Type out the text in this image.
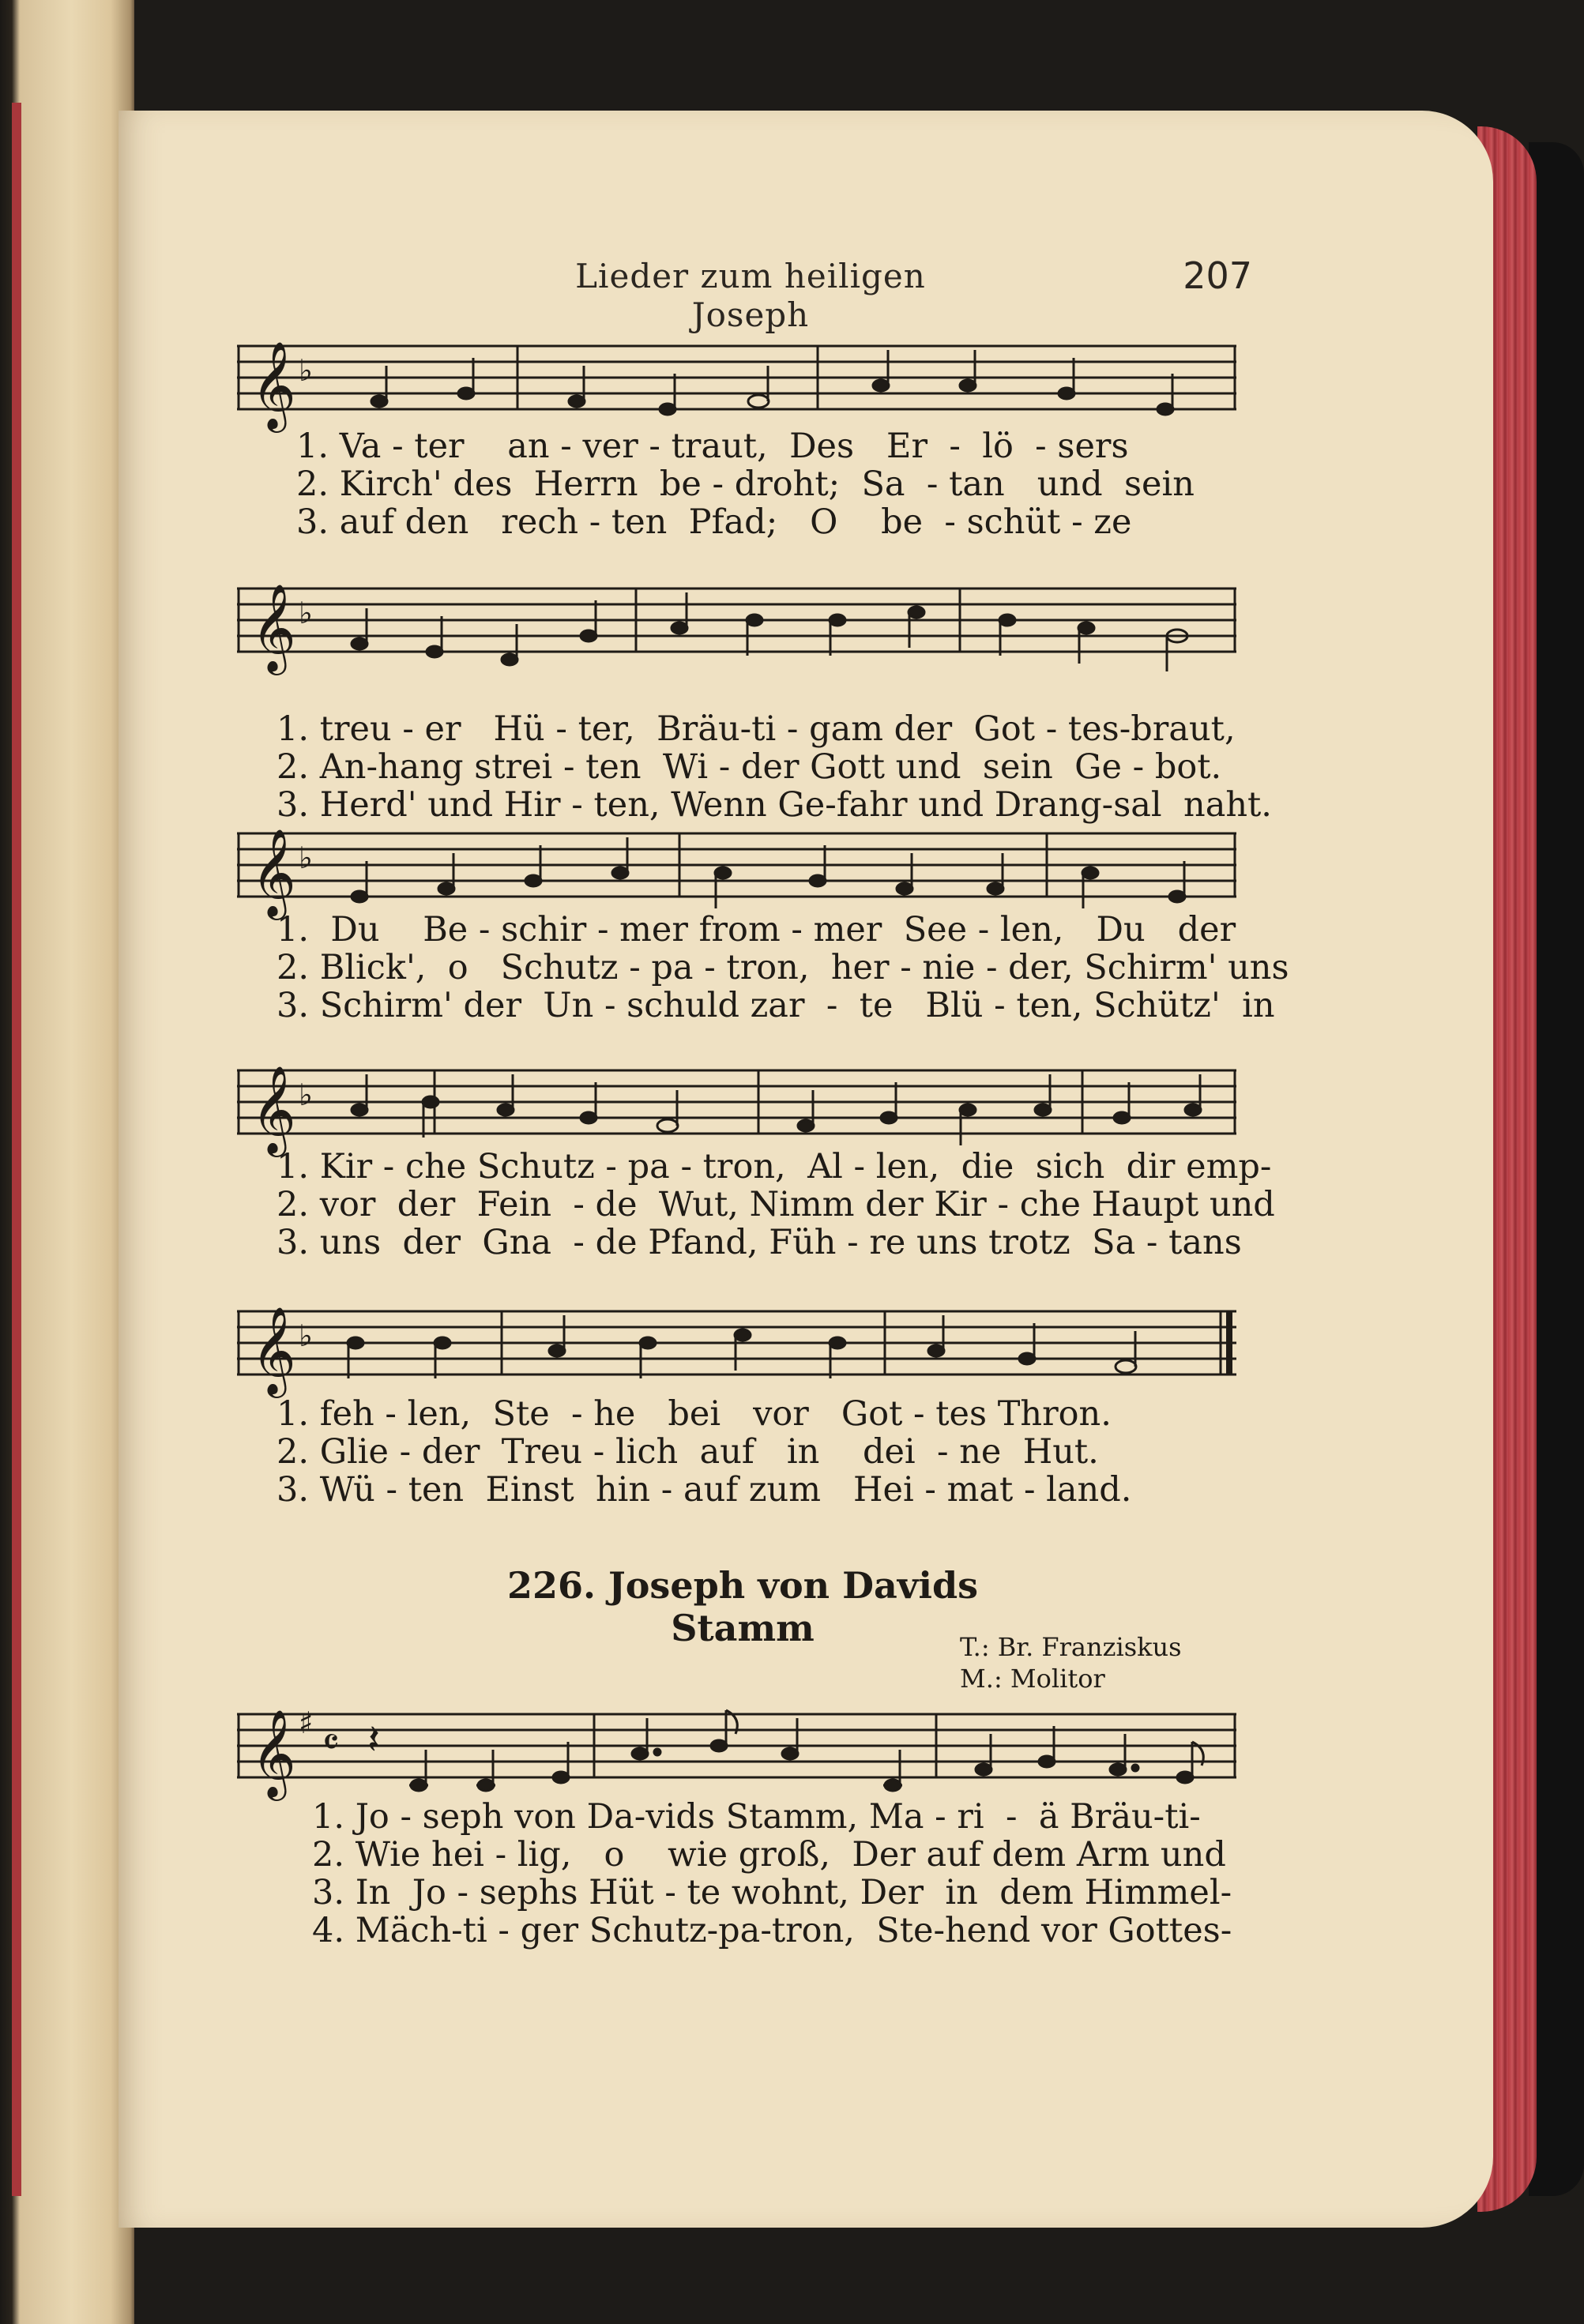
Lieder zum heiligen Joseph
207
𝄞 ♭
1. Va - ter    an - ver - traut,  Des   Er  -  lö  - sers
2. Kirch' des  Herrn  be - droht;  Sa  - tan   und  sein
3. auf den   rech - ten  Pfad;   O    be  - schüt - ze
𝄞 ♭
1. treu - er   Hü - ter,  Bräu-ti - gam der  Got - tes-braut,
2. An-hang strei - ten  Wi - der Gott und  sein  Ge - bot.
3. Herd' und Hir - ten, Wenn Ge-fahr und Drang-sal  naht.
𝄞 ♭
1.  Du    Be - schir - mer from - mer  See - len,   Du   der
2. Blick',  o   Schutz - pa - tron,  her - nie - der, Schirm' uns
3. Schirm' der  Un - schuld zar  -  te   Blü - ten, Schütz'  in
𝄞 ♭
1. Kir - che Schutz - pa - tron,  Al - len,  die  sich  dir emp-
2. vor  der  Fein  - de  Wut, Nimm der Kir - che Haupt und
3. uns  der  Gna  - de Pfand, Füh - re uns trotz  Sa - tans
𝄞 ♭
1. feh - len,  Ste  - he   bei   vor   Got - tes Thron.
2. Glie - der  Treu - lich  auf   in    dei  - ne  Hut.
3. Wü - ten  Einst  hin - auf zum   Hei - mat - land.
226. Joseph von Davids Stamm	T.: Br. Franziskus
M.: Molitor
𝄞 ♯ 𝄴 𝄽
1. Jo - seph von Da-vids Stamm, Ma - ri  -  ä Bräu-ti-
2. Wie hei - lig,   o    wie groß,  Der auf dem Arm und
3. In  Jo - sephs Hüt - te wohnt, Der  in  dem Himmel-
4. Mäch-ti - ger Schutz-pa-tron,  Ste-hend vor Gottes-
